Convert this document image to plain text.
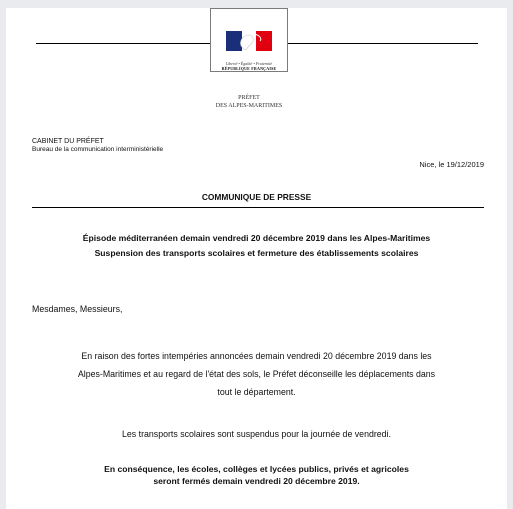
Liberté • Égalité • Fraternité
RÉPUBLIQUE FRANÇAISE
PRÉFET
DES ALPES-MARITIMES
CABINET DU PRÉFET
Bureau de la communication interministérielle
Nice, le 19/12/2019
COMMUNIQUE DE PRESSE
Épisode méditerranéen demain vendredi 20 décembre 2019 dans les Alpes-Maritimes
Suspension des transports scolaires et fermeture des établissements scolaires
Mesdames, Messieurs,
En raison des fortes intempéries annoncées demain vendredi 20 décembre 2019 dans les
Alpes-Maritimes et au regard de l'état des sols, le Préfet déconseille les déplacements dans
tout le département.
Les transports scolaires sont suspendus pour la journée de vendredi.
En conséquence, les écoles, collèges et lycées publics, privés et agricoles
seront fermés demain vendredi 20 décembre 2019.
